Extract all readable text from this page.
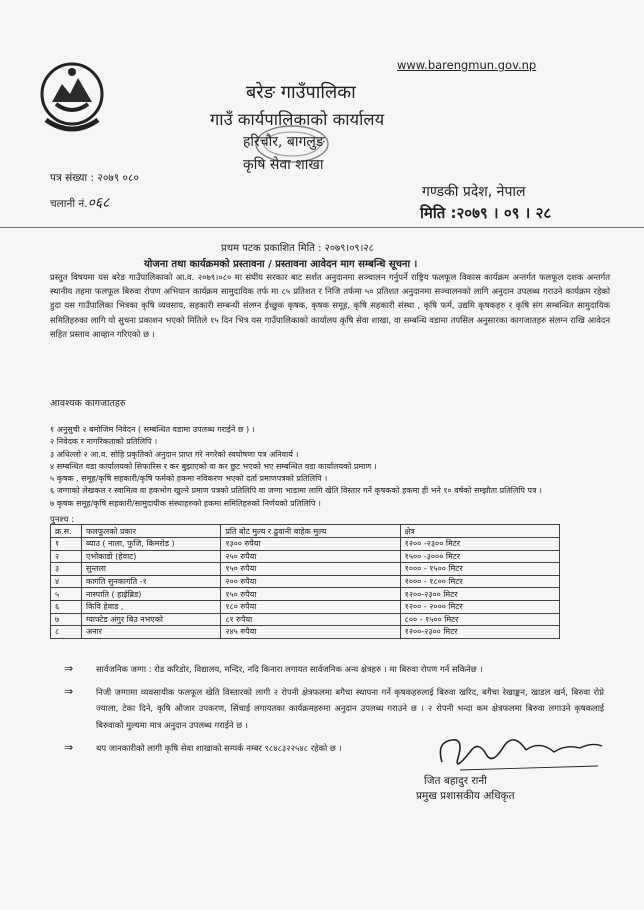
www.barengmun.gov.np
बरेङ गाउँपालिका
गाउँ कार्यपालिकाको कार्यालय
हरिचौर, बागलुङ
कृषि सेवा शाखा
पत्र संख्या : २०७९ ०८०
चलानी नं.०६८
गण्डकी प्रदेश, नेपाल
मिति :२०७९ । ०९ । २८
प्रथम पटक प्रकाशित मिति : २०७९।०९।२८
योजना तथा कार्यक्रमको प्रस्तावना / प्रस्तावना आवेदन माग सम्बन्धि सूचना ।
प्रस्तुत विषयमा यस बरेङ गाउँपालिकाको आ.व. २०७९।०८० मा संघीय सरकार बाट सर्शत अनुदानमा सञ्चालन गर्नुपर्ने राष्ट्रिय फलफूल विकास कार्यक्रम अन्तर्गत फलफूल दशक अन्तर्गत स्थानीय तहमा फलफूल बिरुवा रोपण अभियान कार्यक्रम सामुदायिक तर्फ मा ८५ प्रतिशत र निजि तर्फमा ५० प्रतिशत अनुदानमा सञ्चालनको लागि अनुदान उपलब्ध गराउने कार्यक्रम रहेको हुदा यस गाउँपालिका भित्रका कृषि व्यवसाय, सहकारी सम्बन्धी संलग्न ईच्छुक कृषक, कृषक समूह, कृषि सहकारी संस्था , कृषि फर्म, उद्यमि कृषकहरु र कृषि संग सम्बन्धित सामुदायिक समितिहरुका लागि यो सुचना प्रकाशन भएको मितिले १५ दिन भित्र यस गाउँपालिकाको कार्यालय कृषि सेवा शाखा, वा सम्बन्धि वडामा तपसिल अनुसारका कागजातहरु संलग्न राखि आवेदन सहित प्रस्ताव आव्हान गरिएको छ ।
आवश्यक कागजातहरु
१ अनुसुची २ बमोजिम निवेदन ( सम्बन्धित वडामा उपलब्ध गराईने छ ) ।
२ निवेदक र नागरिकताको प्रतिलिपि ।
३ अधिल्लो २ आ.व. सोहि प्रकृतिको अनुदान प्राप्त गरे नगरेको स्वघोषणा पत्र अनिवार्य ।
४ सम्बन्धित वडा कार्यालयको सिफारिस र कर बुझाएको वा कर छुट भएको भए सम्बन्धित वडा कार्यालयको प्रमाण ।
५ कृषक , समूह/कृषि सहकारी/कृषि फर्मको हकमा नविकरण भएको दर्ता प्रमाणपत्रको प्रतिलिपि ।
६ जग्गाको लेखकल र स्वामित्व वा हकभोग खुल्ने प्रमाण पत्रको प्रतिलिपि वा जग्गा भाडामा लागि खेति विस्तार गर्ने कृषकको हकमा ही भने १० वर्षको सम्झौता प्रतिलिपि पत्र ।
७ कृषक समूह/कृषि सहकारी/सामुदायीक संस्थाहरुको हकमा समितिहरुको निर्णयको प्रतिलिपि ।
पुनश्च :
क्र.स.	फलफूलको प्रकार	प्रति बोट मुल्य र ढुवानी बाहेक मुल्य	क्षेत्र
१	ब्याउ ( नाला, फुजि, किमरोड )	१३०० रुपैया	१२०० -२३०० मिटर
२	एभोकाडो (हेवाट)	२५० रुपैया	१५०० -३००० मिटर
३	सुन्तला	१५० रुपैया	१००० - १५०० मिटर
४	कागति सुनकागति -१	२०० रुपैया	१००० - १८०० मिटर
५	नास्पाति ( हाईब्रिड)	१५० रुपैया	१२००-२३०० मिटर
६	किवि हेवाड ,	१८० रुपैया	१२०० - २००० मिटर
७	ग्याफ्टेड अंगुर बिउ नभएको	८१ रुपैया	८०० - १५०० मिटर
८	अनार	२४५ रुपैया	१२००-२३०० मिटर
⇒	सार्वजनिक जग्गा : रोड करिडोर, विद्यालय, मन्दिर, नदि किनारा लगायत सार्वजनिक अन्य क्षेत्रहरु । मा बिरुवा रोपण गर्न सकिनेछ ।
⇒	निजी जग्गामा व्यवसायीक फलफूल खेति विस्तारको लागी २ रोपनी क्षेत्रफलमा बगैचा स्थापना गर्ने कृषकहरुलाई बिरुवा खरिद, बगैचा रेखाङ्कन, खाडल खर्न, बिरुवा रोप्ने ज्याला, टेका दिने, कृषि औजार उपकरण, सिंचाई लगायतका कार्यक्रमहरुमा अनुदान उपलब्ध गराउने छ । २ रोपनी भन्दा कम क्षेत्रफलमा बिरुवा लगाउने कृषकलाई बिरुवाको मुल्यमा मात्र अनुदान उपलब्ध गराईने छ ।
⇒	थप जानकारीको लागी कृषि सेवा शाखाको सम्पर्क नम्बर ९८४८३२२५४८ रहेको छ ।
जित बहादुर रानी
प्रमुख प्रशासकीय अधिकृत
